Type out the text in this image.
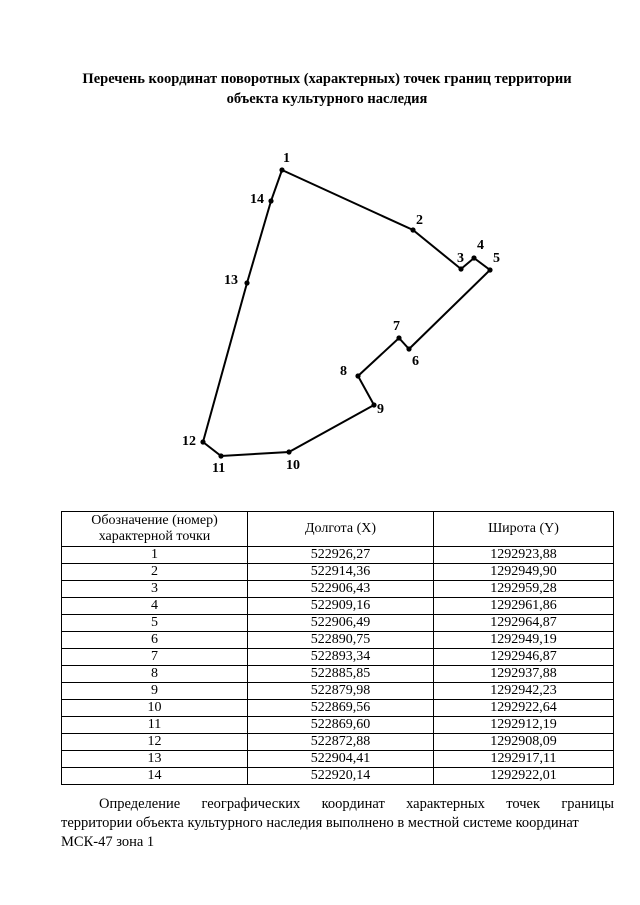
Перечень координат поворотных (характерных) точек границ территории
объекта культурного наследия
1
2
3
4
5
6
7
8
9
10
11
12
13
14
Обозначение (номер)
характерной точки	Долгота (X)	Широта (Y)
1	522926,27	1292923,88
2	522914,36	1292949,90
3	522906,43	1292959,28
4	522909,16	1292961,86
5	522906,49	1292964,87
6	522890,75	1292949,19
7	522893,34	1292946,87
8	522885,85	1292937,88
9	522879,98	1292942,23
10	522869,56	1292922,64
11	522869,60	1292912,19
12	522872,88	1292908,09
13	522904,41	1292917,11
14	522920,14	1292922,01
Определение географических координат характерных точек границы
территории объекта культурного наследия выполнено в местной системе координат
МСК-47 зона 1
